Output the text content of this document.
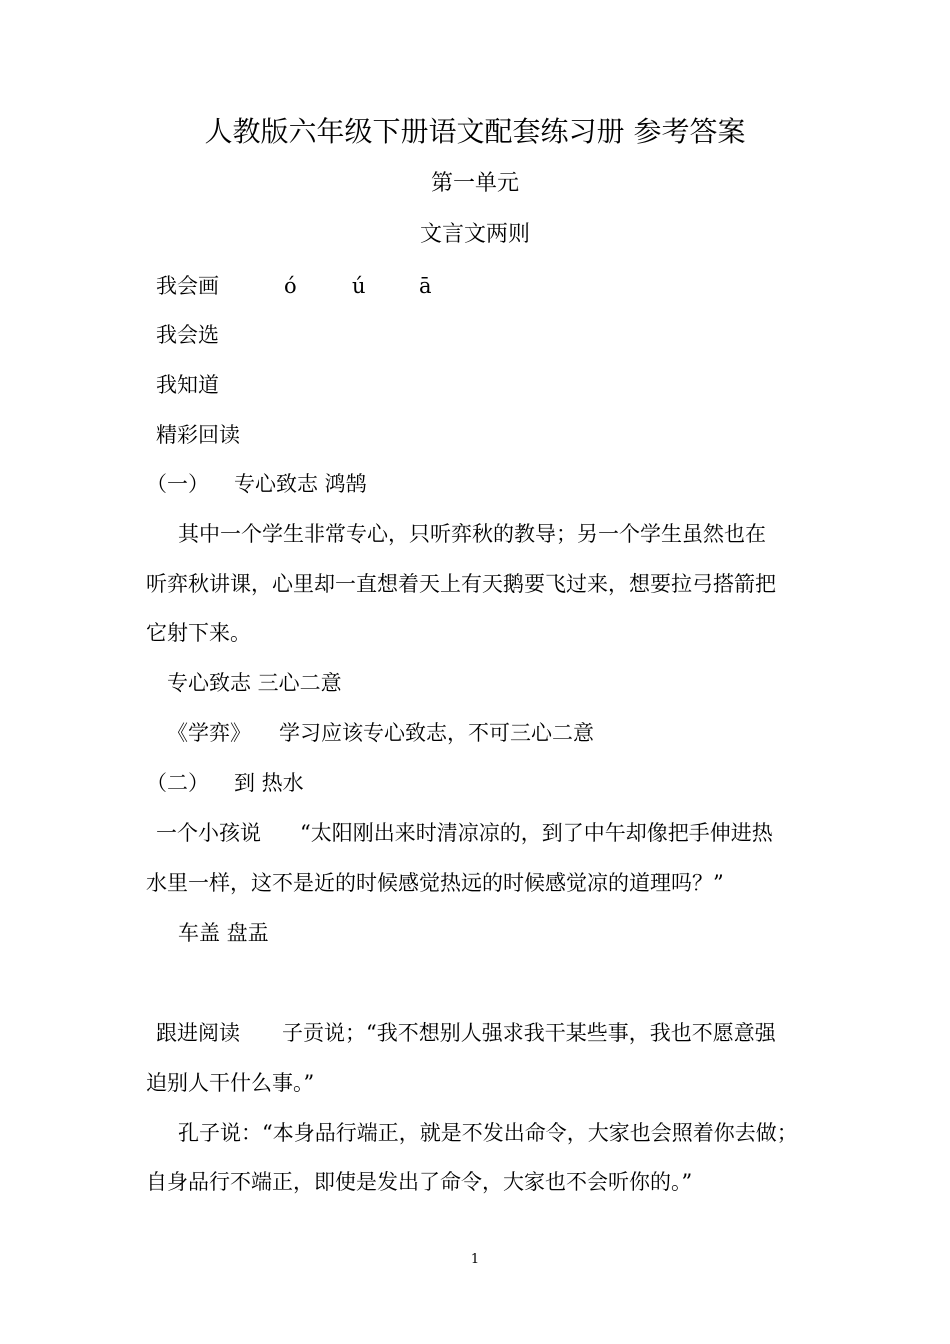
人教版六年级下册语文配套练习册 参考答案
第一单元
文言文两则
我会画	ó	ú	ā
我会选
我知道
精彩回读
（一） 专心致志 鸿鹄
其中一个学生非常专心，只听弈秋的教导；另一个学生虽然也在
听弈秋讲课，心里却一直想着天上有天鹅要飞过来，想要拉弓搭箭把
它射下来。
专心致志 三心二意
《学弈》 学习应该专心致志，不可三心二意
（二） 到 热水
一个小孩说 “太阳刚出来时清凉凉的，到了中午却像把手伸进热
水里一样，这不是近的时候感觉热远的时候感觉凉的道理吗？”
车盖 盘盂
跟进阅读 子贡说；“我不想别人强求我干某些事，我也不愿意强
迫别人干什么事。”
孔子说：“本身品行端正，就是不发出命令，大家也会照着你去做；
自身品行不端正，即使是发出了命令，大家也不会听你的。”
1
